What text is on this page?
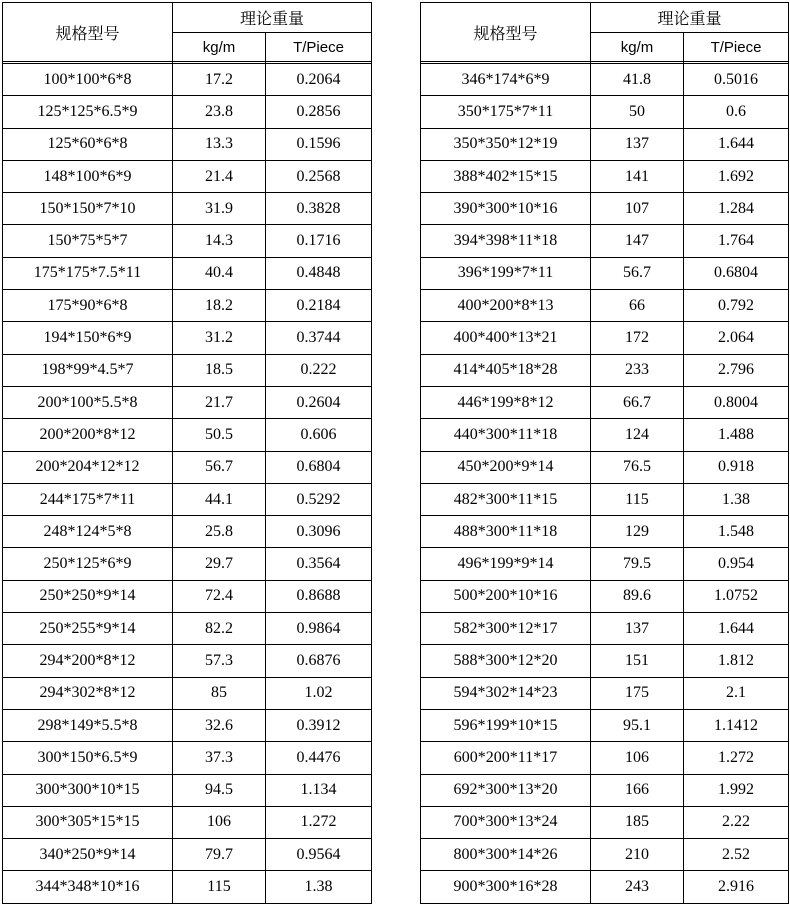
规格型号	理论重量	
	kg/m	T/Piece

100*100*6*8	17.2	0.2064
125*125*6.5*9	23.8	0.2856
125*60*6*8	13.3	0.1596
148*100*6*9	21.4	0.2568
150*150*7*10	31.9	0.3828
150*75*5*7	14.3	0.1716
175*175*7.5*11	40.4	0.4848
175*90*6*8	18.2	0.2184
194*150*6*9	31.2	0.3744
198*99*4.5*7	18.5	0.222
200*100*5.5*8	21.7	0.2604
200*200*8*12	50.5	0.606
200*204*12*12	56.7	0.6804
244*175*7*11	44.1	0.5292
248*124*5*8	25.8	0.3096
250*125*6*9	29.7	0.3564
250*250*9*14	72.4	0.8688
250*255*9*14	82.2	0.9864
294*200*8*12	57.3	0.6876
294*302*8*12	85	1.02
298*149*5.5*8	32.6	0.3912
300*150*6.5*9	37.3	0.4476
300*300*10*15	94.5	1.134
300*305*15*15	106	1.272
340*250*9*14	79.7	0.9564
344*348*10*16	115	1.38
规格型号	理论重量	
	kg/m	T/Piece

346*174*6*9	41.8	0.5016
350*175*7*11	50	0.6
350*350*12*19	137	1.644
388*402*15*15	141	1.692
390*300*10*16	107	1.284
394*398*11*18	147	1.764
396*199*7*11	56.7	0.6804
400*200*8*13	66	0.792
400*400*13*21	172	2.064
414*405*18*28	233	2.796
446*199*8*12	66.7	0.8004
440*300*11*18	124	1.488
450*200*9*14	76.5	0.918
482*300*11*15	115	1.38
488*300*11*18	129	1.548
496*199*9*14	79.5	0.954
500*200*10*16	89.6	1.0752
582*300*12*17	137	1.644
588*300*12*20	151	1.812
594*302*14*23	175	2.1
596*199*10*15	95.1	1.1412
600*200*11*17	106	1.272
692*300*13*20	166	1.992
700*300*13*24	185	2.22
800*300*14*26	210	2.52
900*300*16*28	243	2.916
